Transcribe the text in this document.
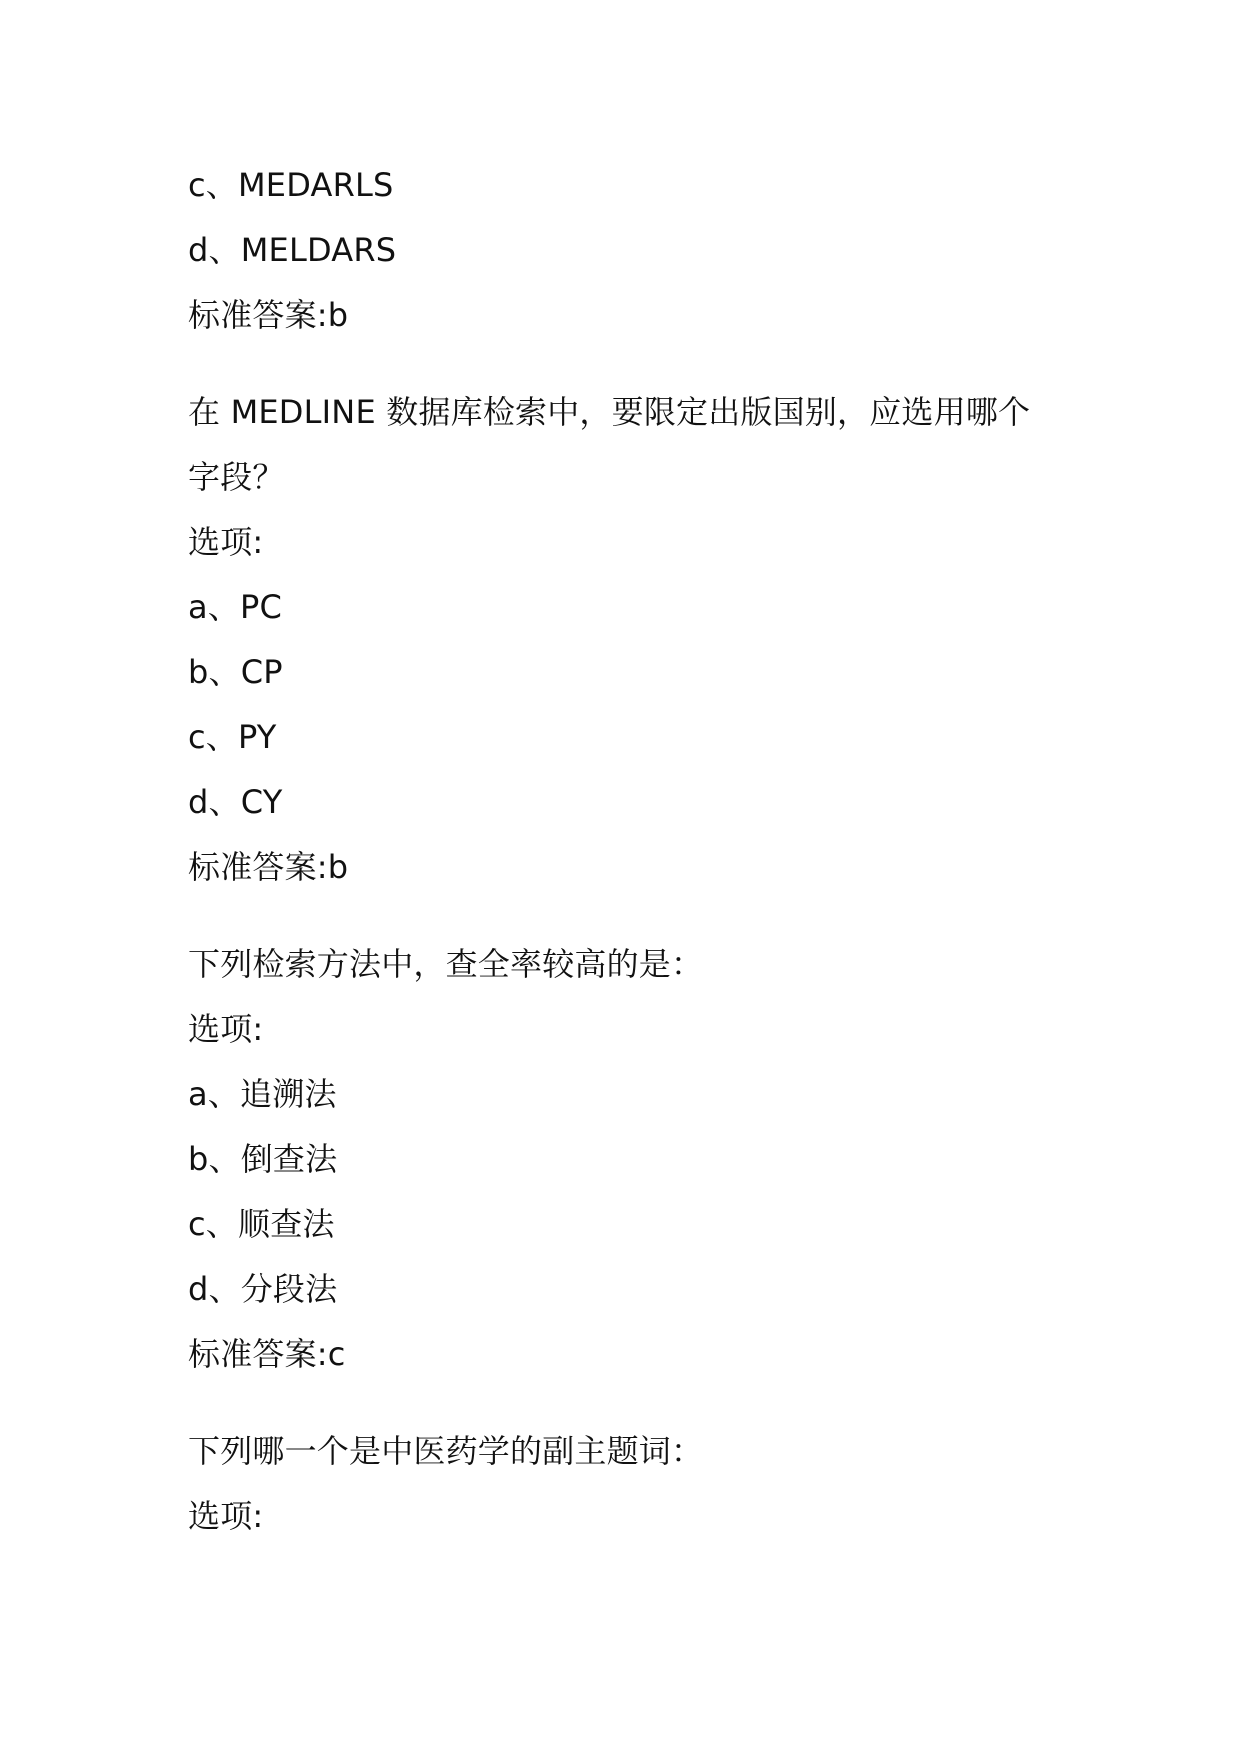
c、MEDARLS
d、MELDARS
标准答案:b
在 MEDLINE 数据库检索中，要限定出版国别，应选用哪个
字段？
选项:
a、PC
b、CP
c、PY
d、CY
标准答案:b
下列检索方法中，查全率较高的是：
选项:
a、追溯法
b、倒查法
c、顺查法
d、分段法
标准答案:c
下列哪一个是中医药学的副主题词：
选项:
